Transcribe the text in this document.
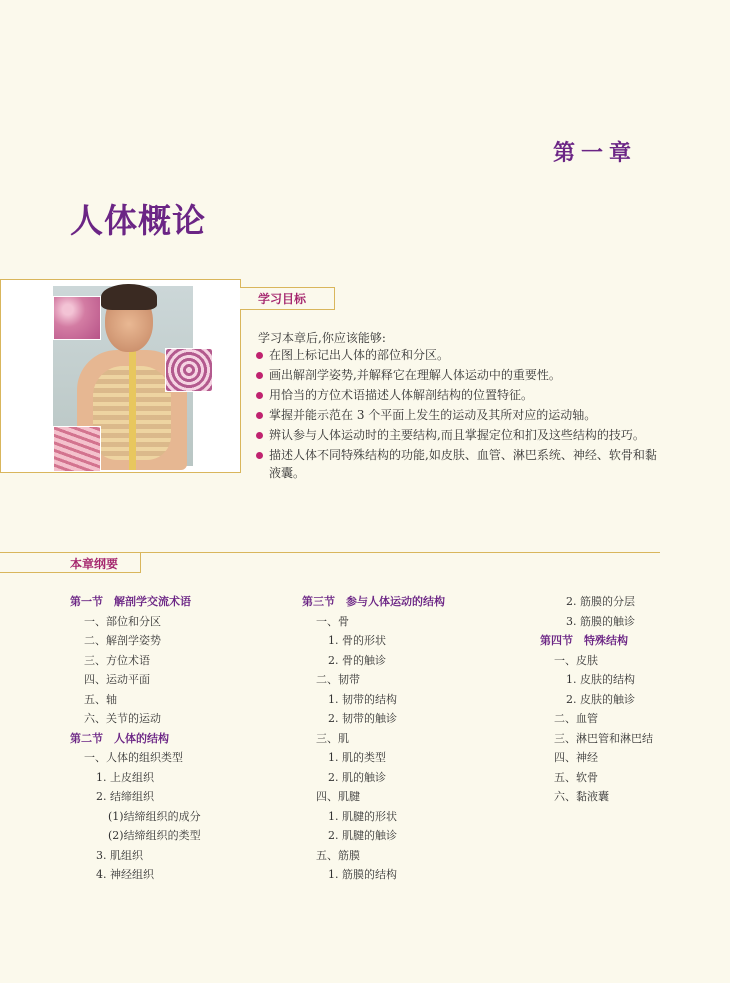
第一章
人体概论
学习目标
学习本章后,你应该能够:
在图上标记出人体的部位和分区。
画出解剖学姿势,并解释它在理解人体运动中的重要性。
用恰当的方位术语描述人体解剖结构的位置特征。
掌握并能示范在 3 个平面上发生的运动及其所对应的运动轴。
辨认参与人体运动时的主要结构,而且掌握定位和扪及这些结构的技巧。
描述人体不同特殊结构的功能,如皮肤、血管、淋巴系统、神经、软骨和黏液囊。
本章纲要
第一节　解剖学交流术语
一、部位和分区
二、解剖学姿势
三、方位术语
四、运动平面
五、轴
六、关节的运动
第二节　人体的结构
一、人体的组织类型
1. 上皮组织
2. 结缔组织
(1)结缔组织的成分
(2)结缔组织的类型
3. 肌组织
4. 神经组织
第三节　参与人体运动的结构
一、骨
1. 骨的形状
2. 骨的触诊
二、韧带
1. 韧带的结构
2. 韧带的触诊
三、肌
1. 肌的类型
2. 肌的触诊
四、肌腱
1. 肌腱的形状
2. 肌腱的触诊
五、筋膜
1. 筋膜的结构
2. 筋膜的分层
3. 筋膜的触诊
第四节　特殊结构
一、皮肤
1. 皮肤的结构
2. 皮肤的触诊
二、血管
三、淋巴管和淋巴结
四、神经
五、软骨
六、黏液囊
